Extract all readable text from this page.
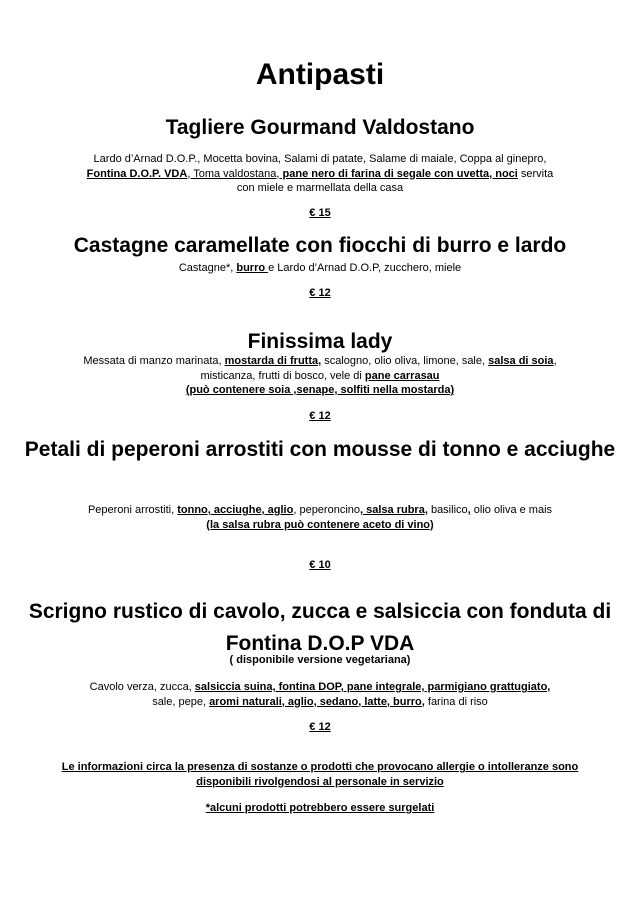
Antipasti
Tagliere Gourmand Valdostano
Lardo d’Arnad D.O.P., Mocetta bovina, Salami di patate, Salame di maiale, Coppa al ginepro,
Fontina D.O.P. VDA, Toma valdostana, pane nero di farina di segale con uvetta, noci servita
con miele e marmellata della casa
€ 15
Castagne caramellate con fiocchi di burro e lardo
Castagne*, burro e Lardo d’Arnad D.O.P, zucchero, miele
€ 12
Finissima lady
Messata di manzo marinata, mostarda di frutta, scalogno, olio oliva, limone, sale, salsa di soia,
misticanza, frutti di bosco, vele di pane carrasau
(può contenere soia ,senape, solfiti nella mostarda)
€ 12
Petali di peperoni arrostiti con mousse di tonno e acciughe
Peperoni arrostiti, tonno, acciughe, aglio, peperoncino, salsa rubra, basilico, olio oliva e mais
(la salsa rubra può contenere aceto di vino)
€ 10
Scrigno rustico di cavolo, zucca e salsiccia con fonduta di Fontina D.O.P VDA
( disponibile versione vegetariana)
Cavolo verza, zucca, salsiccia suina, fontina DOP, pane integrale, parmigiano grattugiato,
sale, pepe, aromi naturali, aglio, sedano, latte, burro, farina di riso
€ 12
Le informazioni circa la presenza di sostanze o prodotti che provocano allergie o intolleranze sono disponibili rivolgendosi al personale in servizio
*alcuni prodotti potrebbero essere surgelati
